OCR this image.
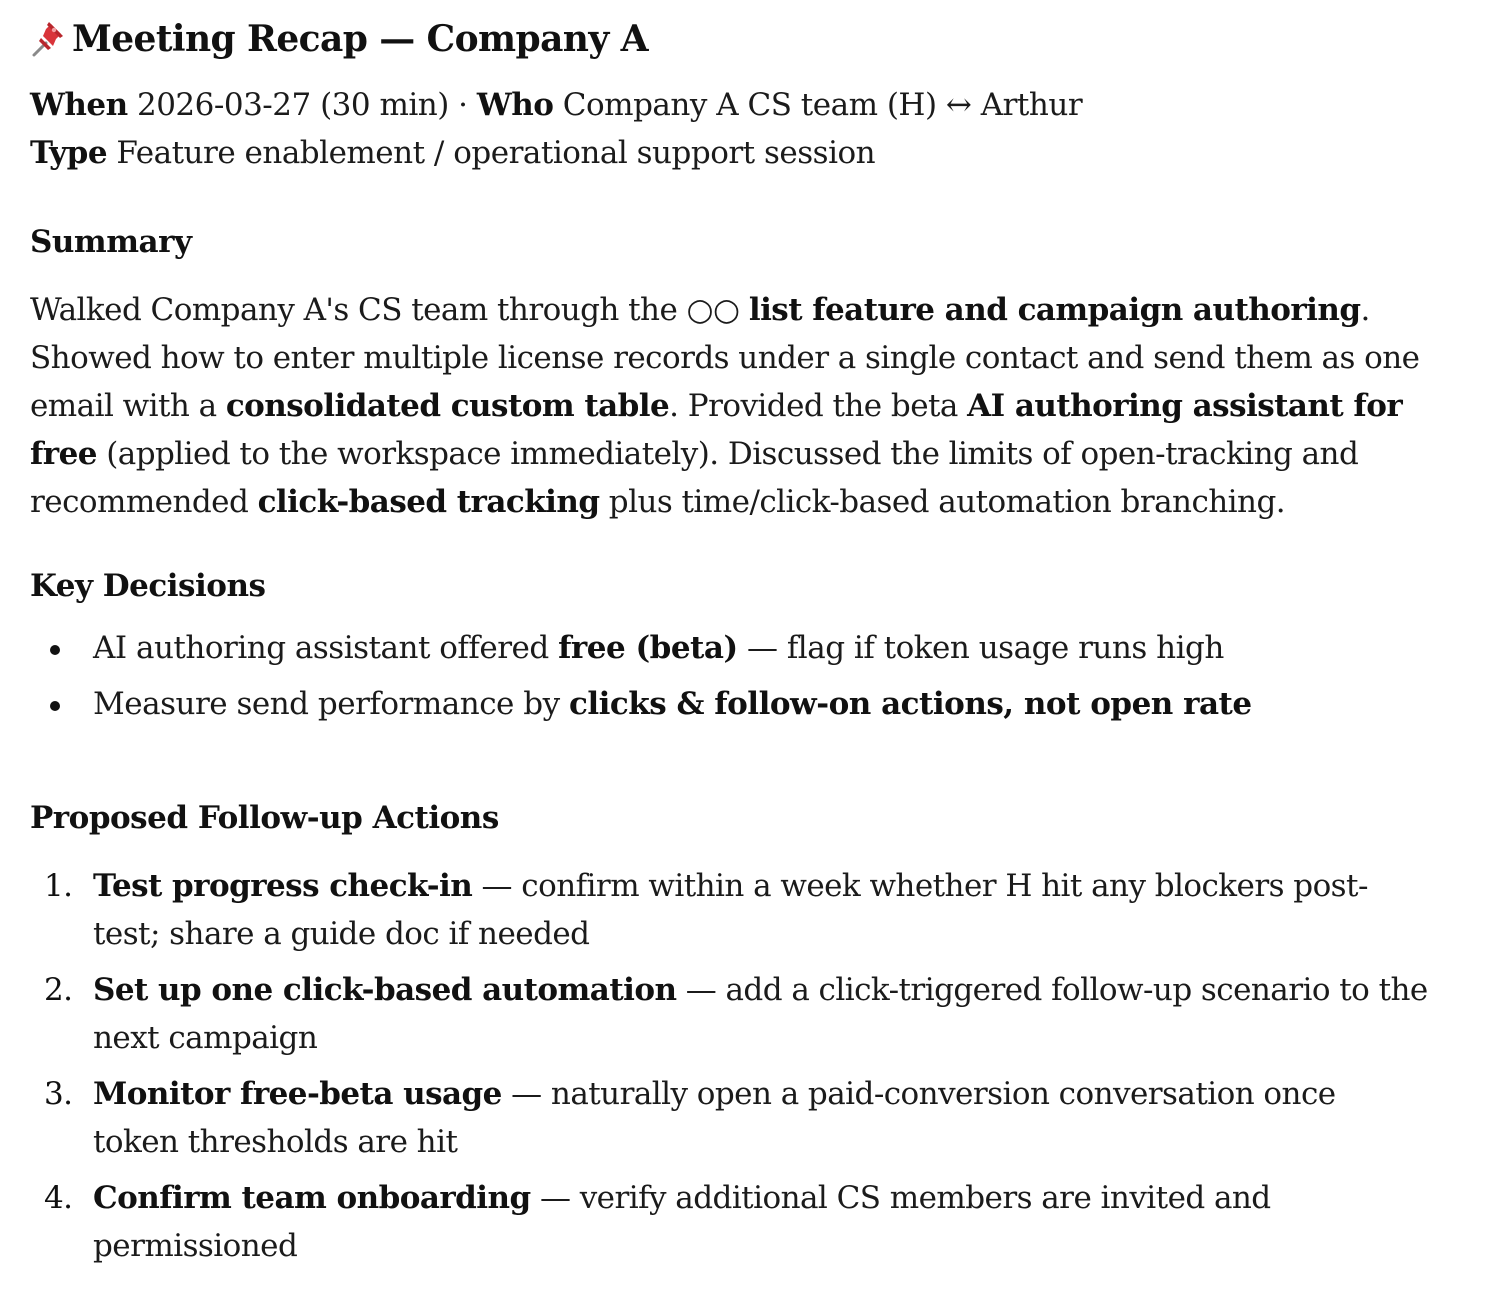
Meeting Recap — Company A
When 2026-03-27 (30 min) · Who Company A CS team (H) ↔ Arthur
Type Feature enablement / operational support session
Summary

Walked Company A's CS team through the ○○ list feature and campaign authoring. Showed how to enter multiple license records under a single contact and send them as one email with a consolidated custom table. Provided the beta AI authoring assistant for free (applied to the workspace immediately). Discussed the limits of open-tracking and recommended click-based tracking plus time/click-based automation branching.

Key Decisions
AI authoring assistant offered free (beta) — flag if token usage runs high
Measure send performance by clicks & follow-on actions, not open rate
Proposed Follow-up Actions
1. Test progress check-in — confirm within a week whether H hit any blockers post-test; share a guide doc if needed
2. Set up one click-based automation — add a click-triggered follow-up scenario to the next campaign
3. Monitor free-beta usage — naturally open a paid-conversion conversation once token thresholds are hit
4. Confirm team onboarding — verify additional CS members are invited and permissioned
